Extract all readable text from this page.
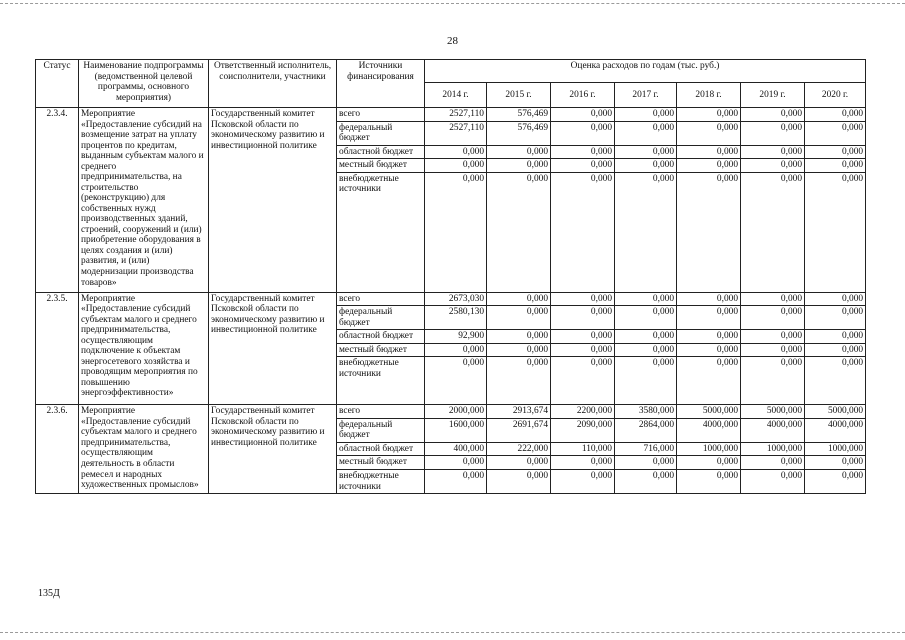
28
Статус	Наименование подпрограммы (ведомственной целевой программы, основного мероприятия)	Ответственный исполнитель, соисполнители, участники	Источники финансирования	Оценка расходов по годам (тыс. руб.)						
				2014 г.	2015 г.	2016 г.	2017 г.	2018 г.	2019 г.	2020 г.
2.3.4.	Мероприятие «Предоставление субсидий на возмещение затрат на уплату процентов по кредитам, выданным субъектам малого и среднего предпринимательства, на строительство (реконструкцию) для собственных нужд производственных зданий, строений, сооружений и (или) приобретение оборудования в целях создания и (или) развития, и (или) модернизации производства товаров»	Государственный комитет Псковской области по экономическому развитию и инвестиционной политике	всего	2527,110	576,469	0,000	0,000	0,000	0,000	0,000
			федеральный бюджет	2527,110	576,469	0,000	0,000	0,000	0,000	0,000
			областной бюджет	0,000	0,000	0,000	0,000	0,000	0,000	0,000
			местный бюджет	0,000	0,000	0,000	0,000	0,000	0,000	0,000
			внебюджетные источники	0,000	0,000	0,000	0,000	0,000	0,000	0,000
2.3.5.	Мероприятие «Предоставление субсидий субъектам малого и среднего предпринимательства, осуществляющим подключение к объектам энергосетевого хозяйства и проводящим мероприятия по повышению энергоэффективности»	Государственный комитет Псковской области по экономическому развитию и инвестиционной политике	всего	2673,030	0,000	0,000	0,000	0,000	0,000	0,000
			федеральный бюджет	2580,130	0,000	0,000	0,000	0,000	0,000	0,000
			областной бюджет	92,900	0,000	0,000	0,000	0,000	0,000	0,000
			местный бюджет	0,000	0,000	0,000	0,000	0,000	0,000	0,000
			внебюджетные источники	0,000	0,000	0,000	0,000	0,000	0,000	0,000
2.3.6.	Мероприятие «Предоставление субсидий субъектам малого и среднего предпринимательства, осуществляющим деятельность в области ремесел и народных художественных промыслов»	Государственный комитет Псковской области по экономическому развитию и инвестиционной политике	всего	2000,000	2913,674	2200,000	3580,000	5000,000	5000,000	5000,000
			федеральный бюджет	1600,000	2691,674	2090,000	2864,000	4000,000	4000,000	4000,000
			областной бюджет	400,000	222,000	110,000	716,000	1000,000	1000,000	1000,000
			местный бюджет	0,000	0,000	0,000	0,000	0,000	0,000	0,000
			внебюджетные источники	0,000	0,000	0,000	0,000	0,000	0,000	0,000
135Д
